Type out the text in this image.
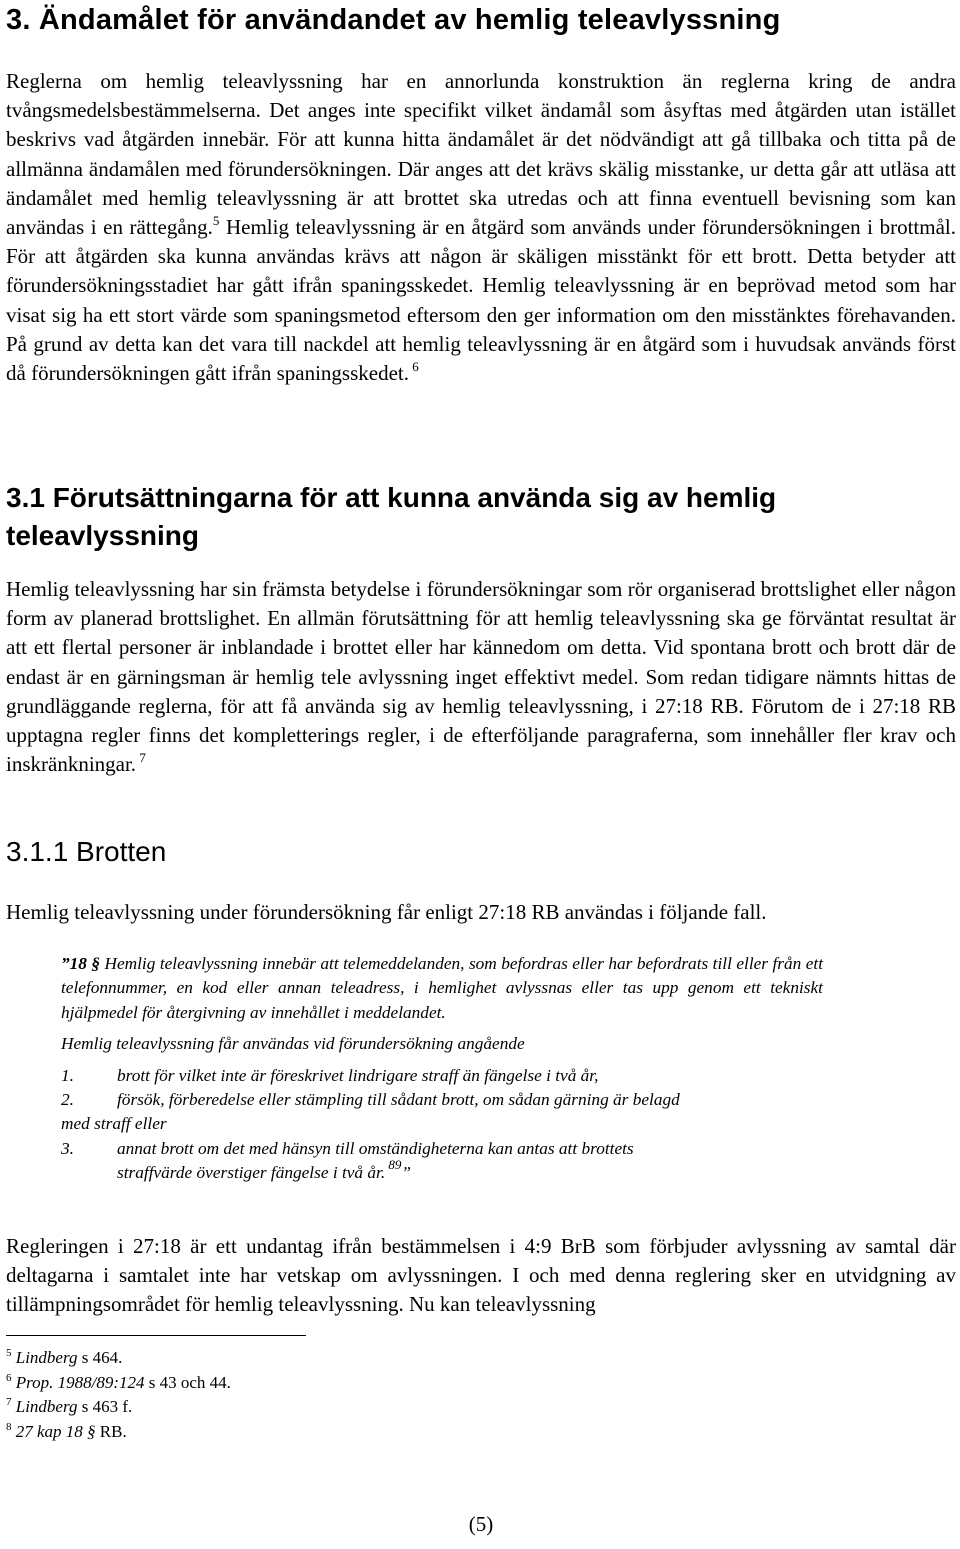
3. Ändamålet för användandet av hemlig teleavlyssning

Reglerna om hemlig teleavlyssning har en annorlunda konstruktion än reglerna kring de andra tvångsmedelsbestämmelserna. Det anges inte specifikt vilket ändamål som åsyftas med åtgärden utan istället beskrivs vad åtgärden innebär. För att kunna hitta ändamålet är det nödvändigt att gå tillbaka och titta på de allmänna ändamålen med förundersökningen. Där anges att det krävs skälig misstanke, ur detta går att utläsa att ändamålet med hemlig teleavlyssning är att brottet ska utredas och att finna eventuell bevisning som kan användas i en rättegång.$^5$ Hemlig teleavlyssning är en åtgärd som används under förundersökningen i brottmål. För att åtgärden ska kunna användas krävs att någon är skäligen misstänkt för ett brott. Detta betyder att förundersökningsstadiet har gått ifrån spaningsskedet. Hemlig teleavlyssning är en beprövad metod som har visat sig ha ett stort värde som spaningsmetod eftersom den ger information om den misstänktes förehavanden. På grund av detta kan det vara till nackdel att hemlig teleavlyssning är en åtgärd som i huvudsak används först då förundersökningen gått ifrån spaningsskedet. $^6$

3.1 Förutsättningarna för att kunna använda sig av hemlig teleavlyssning

Hemlig teleavlyssning har sin främsta betydelse i förundersökningar som rör organiserad brottslighet eller någon form av planerad brottslighet. En allmän förutsättning för att hemlig teleavlyssning ska ge förväntat resultat är att ett flertal personer är inblandade i brottet eller har kännedom om detta. Vid spontana brott och brott där de endast är en gärningsman är hemlig tele avlyssning inget effektivt medel. Som redan tidigare nämnts hittas de grundläggande reglerna, för att få använda sig av hemlig teleavlyssning, i 27:18 RB. Förutom de i 27:18 RB upptagna regler finns det kompletterings regler, i de efterföljande paragraferna, som innehåller fler krav och inskränkningar. $^7$

3.1.1 Brotten

Hemlig teleavlyssning under förundersökning får enligt 27:18 RB användas i följande fall.

”18 § Hemlig teleavlyssning innebär att telemeddelanden, som befordras eller har befordrats till eller från ett telefonnummer, en kod eller annan teleadress, i hemlighet avlyssnas eller tas upp genom ett tekniskt hjälpmedel för återgivning av innehållet i meddelandet.

Hemlig teleavlyssning får användas vid förundersökning angående

1.	brott för vilket inte är föreskrivet lindrigare straff än fängelse i två år,

2.	försök, förberedelse eller stämpling till sådant brott, om sådan gärning är belagd

med straff eller

3.	annat brott om det med hänsyn till omständigheterna kan antas att brottets

straffvärde överstiger fängelse i två år. $^{89}$”

Regleringen i 27:18 är ett undantag ifrån bestämmelsen i 4:9 BrB som förbjuder avlyssning av samtal där deltagarna i samtalet inte har vetskap om avlyssningen. I och med denna reglering sker en utvidgning av tillämpningsområdet för hemlig teleavlyssning. Nu kan teleavlyssning

$^5$ Lindberg s 464.
$^6$ Prop. 1988/89:124 s 43 och 44.
$^7$ Lindberg s 463 f.
$^8$ 27 kap 18 § RB.
(5)
